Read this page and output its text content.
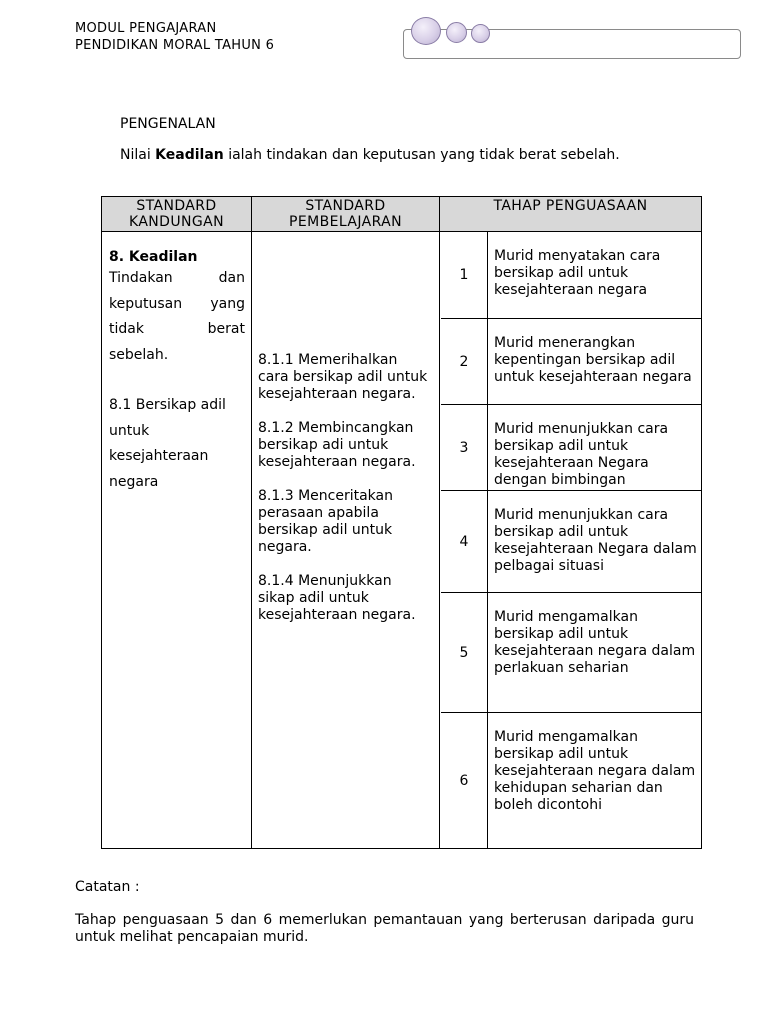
MODUL PENGAJARAN
PENDIDIKAN MORAL TAHUN 6
PENGENALAN
Nilai Keadilan ialah tindakan dan keputusan yang tidak berat sebelah.
STANDARD
KANDUNGAN
STANDARD
PEMBELAJARAN
TAHAP PENGUASAAN
8. Keadilan
Tindakan dan
keputusan yang
tidak berat
sebelah.
8.1 Bersikap adil
untuk
kesejahteraan
negara
8.1.1 Memerihalkan cara bersikap adil untuk kesejahteraan negara.
8.1.2 Membincangkan bersikap adi untuk kesejahteraan negara.
8.1.3 Menceritakan perasaan apabila bersikap adil untuk negara.
8.1.4 Menunjukkan sikap adil untuk kesejahteraan negara.
1
Murid menyatakan cara bersikap adil untuk kesejahteraan negara
2
Murid menerangkan kepentingan bersikap adil untuk kesejahteraan negara
3
Murid menunjukkan cara bersikap adil untuk kesejahteraan Negara dengan bimbingan
4
Murid menunjukkan cara bersikap adil untuk kesejahteraan Negara dalam pelbagai situasi
5
Murid mengamalkan bersikap adil untuk kesejahteraan negara dalam perlakuan seharian
6
Murid mengamalkan bersikap adil untuk kesejahteraan negara dalam kehidupan seharian dan boleh dicontohi
Catatan :
Tahap penguasaan 5 dan 6 memerlukan pemantauan yang berterusan daripada guru untuk melihat pencapaian murid.
